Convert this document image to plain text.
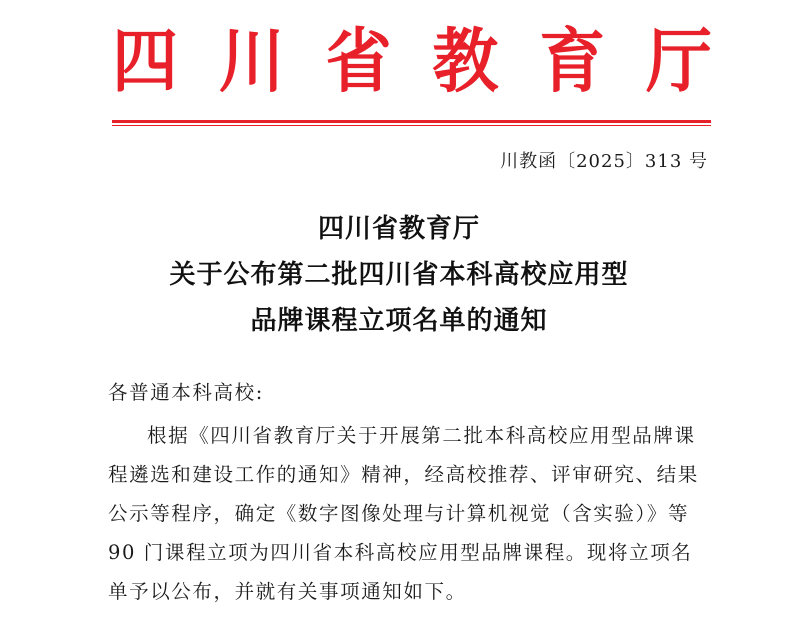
四 川 省 教 育 厅
川教函〔2025〕313 号
四川省教育厅
关于公布第二批四川省本科高校应用型
品牌课程立项名单的通知
各普通本科高校:
根据《四川省教育厅关于开展第二批本科高校应用型品牌课
程遴选和建设工作的通知》精神，经高校推荐、评审研究、结果
公示等程序，确定《数字图像处理与计算机视觉（含实验）》等
90 门课程立项为四川省本科高校应用型品牌课程。现将立项名
单予以公布，并就有关事项通知如下。
